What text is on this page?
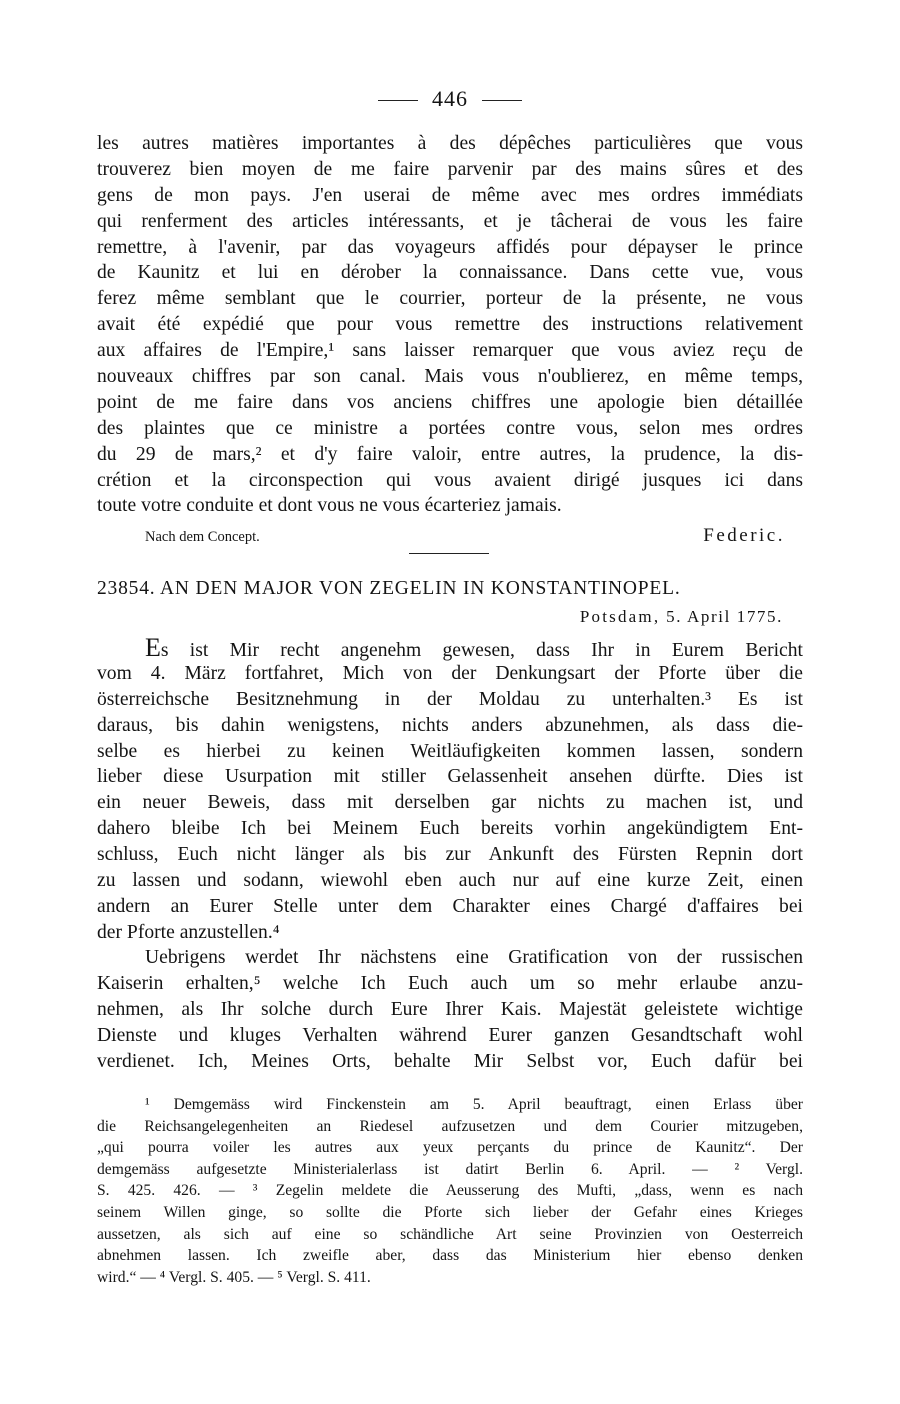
446
les autres matières importantes à des dépêches particulières que vous
trouverez bien moyen de me faire parvenir par des mains sûres et des
gens de mon pays. J'en userai de même avec mes ordres immédiats
qui renferment des articles intéressants, et je tâcherai de vous les faire
remettre, à l'avenir, par das voyageurs affidés pour dépayser le prince
de Kaunitz et lui en dérober la connaissance. Dans cette vue, vous
ferez même semblant que le courrier, porteur de la présente, ne vous
avait été expédié que pour vous remettre des instructions relativement
aux affaires de l'Empire,¹ sans laisser remarquer que vous aviez reçu de
nouveaux chiffres par son canal. Mais vous n'oublierez, en même temps,
point de me faire dans vos anciens chiffres une apologie bien détaillée
des plaintes que ce ministre a portées contre vous, selon mes ordres
du 29 de mars,² et d'y faire valoir, entre autres, la prudence, la dis-
crétion et la circonspection qui vous avaient dirigé jusques ici dans
toute votre conduite et dont vous ne vous écarteriez jamais.
Nach dem Concept.	Federic.
23854. AN DEN MAJOR VON ZEGELIN IN KONSTANTINOPEL.
Potsdam, 5. April 1775.
Es ist Mir recht angenehm gewesen, dass Ihr in Eurem Bericht
vom 4. März fortfahret, Mich von der Denkungsart der Pforte über die
österreichsche Besitznehmung in der Moldau zu unterhalten.³ Es ist
daraus, bis dahin wenigstens, nichts anders abzunehmen, als dass die-
selbe es hierbei zu keinen Weitläufigkeiten kommen lassen, sondern
lieber diese Usurpation mit stiller Gelassenheit ansehen dürfte. Dies ist
ein neuer Beweis, dass mit derselben gar nichts zu machen ist, und
dahero bleibe Ich bei Meinem Euch bereits vorhin angekündigtem Ent-
schluss, Euch nicht länger als bis zur Ankunft des Fürsten Repnin dort
zu lassen und sodann, wiewohl eben auch nur auf eine kurze Zeit, einen
andern an Eurer Stelle unter dem Charakter eines Chargé d'affaires bei
der Pforte anzustellen.⁴
Uebrigens werdet Ihr nächstens eine Gratification von der russischen
Kaiserin erhalten,⁵ welche Ich Euch auch um so mehr erlaube anzu-
nehmen, als Ihr solche durch Eure Ihrer Kais. Majestät geleistete wichtige
Dienste und kluges Verhalten während Eurer ganzen Gesandtschaft wohl
verdienet. Ich, Meines Orts, behalte Mir Selbst vor, Euch dafür bei
¹ Demgemäss wird Finckenstein am 5. April beauftragt, einen Erlass über
die Reichsangelegenheiten an Riedesel aufzusetzen und dem Courier mitzugeben,
„qui pourra voiler les autres aux yeux perçants du prince de Kaunitz“. Der
demgemäss aufgesetzte Ministerialerlass ist datirt Berlin 6. April. — ² Vergl.
S. 425. 426. — ³ Zegelin meldete die Aeusserung des Mufti, „dass, wenn es nach
seinem Willen ginge, so sollte die Pforte sich lieber der Gefahr eines Krieges
aussetzen, als sich auf eine so schändliche Art seine Provinzien von Oesterreich
abnehmen lassen. Ich zweifle aber, dass das Ministerium hier ebenso denken
wird.“ — ⁴ Vergl. S. 405. — ⁵ Vergl. S. 411.
